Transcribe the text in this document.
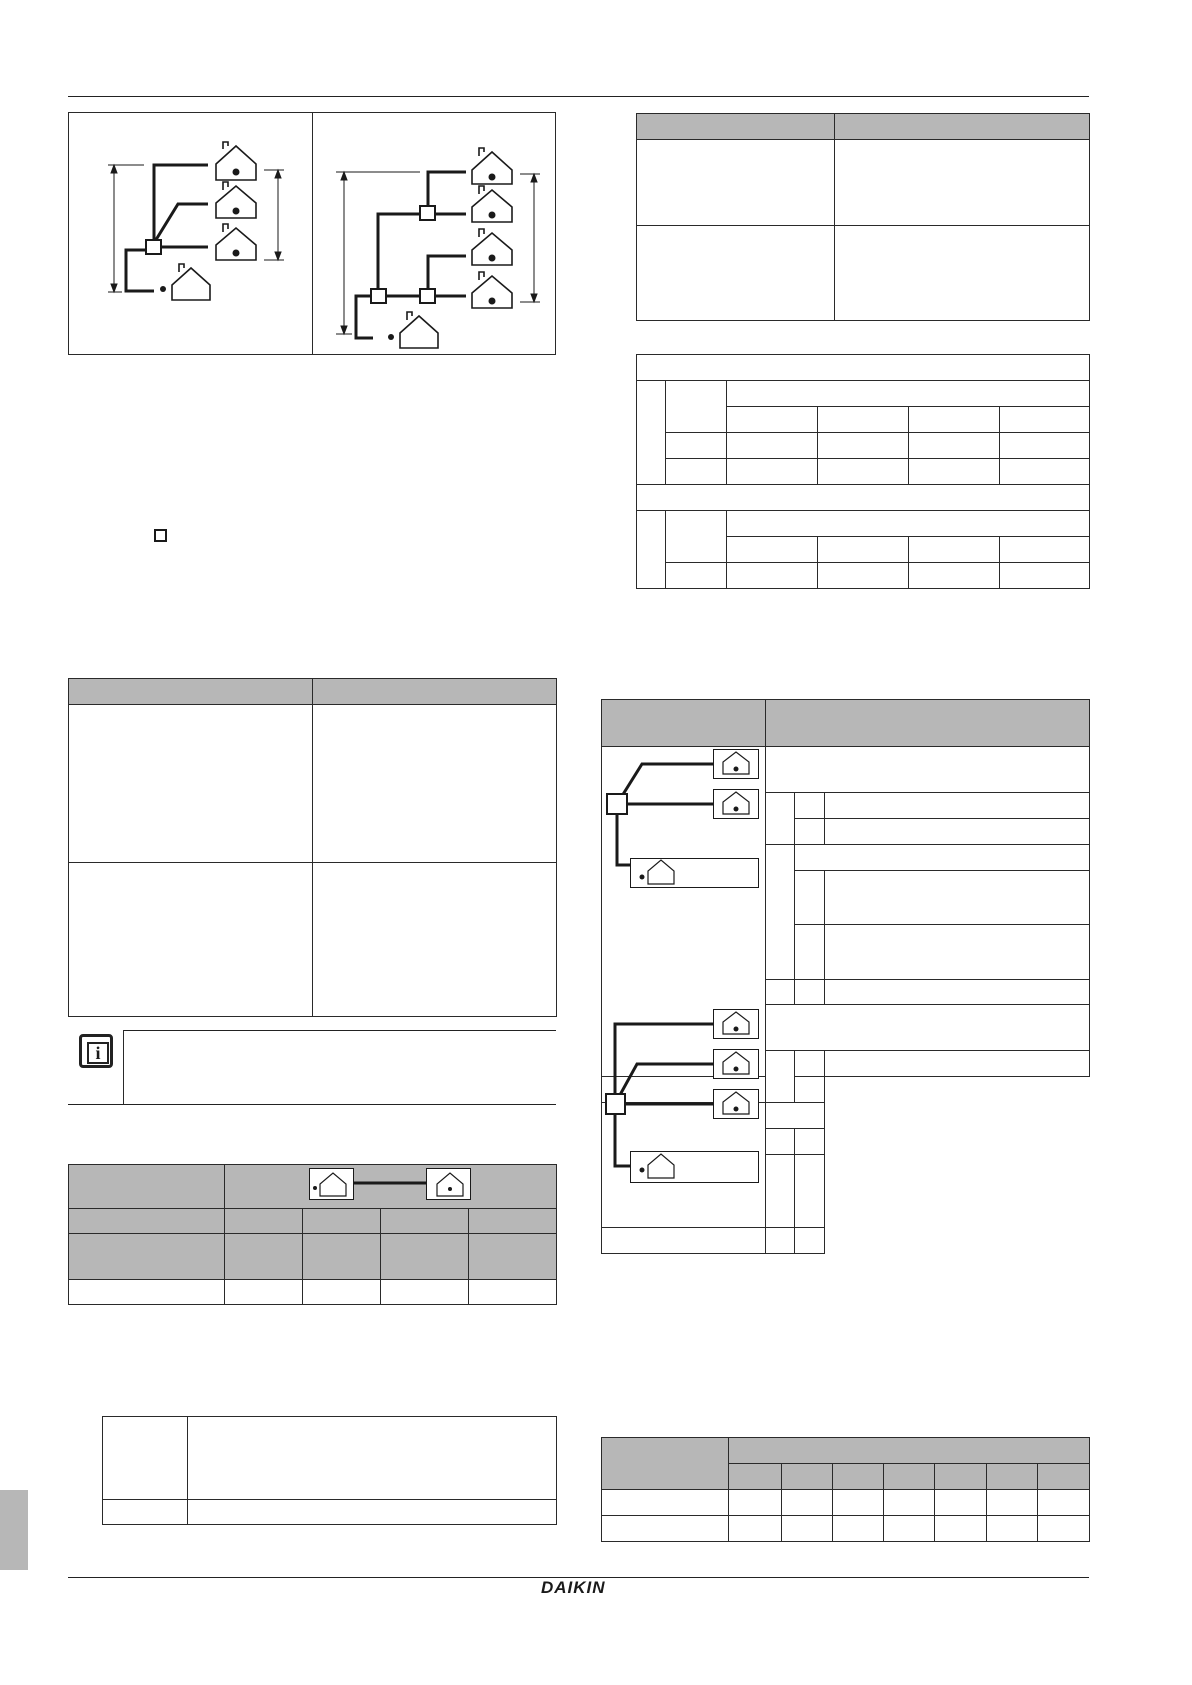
i

DAIKIN
